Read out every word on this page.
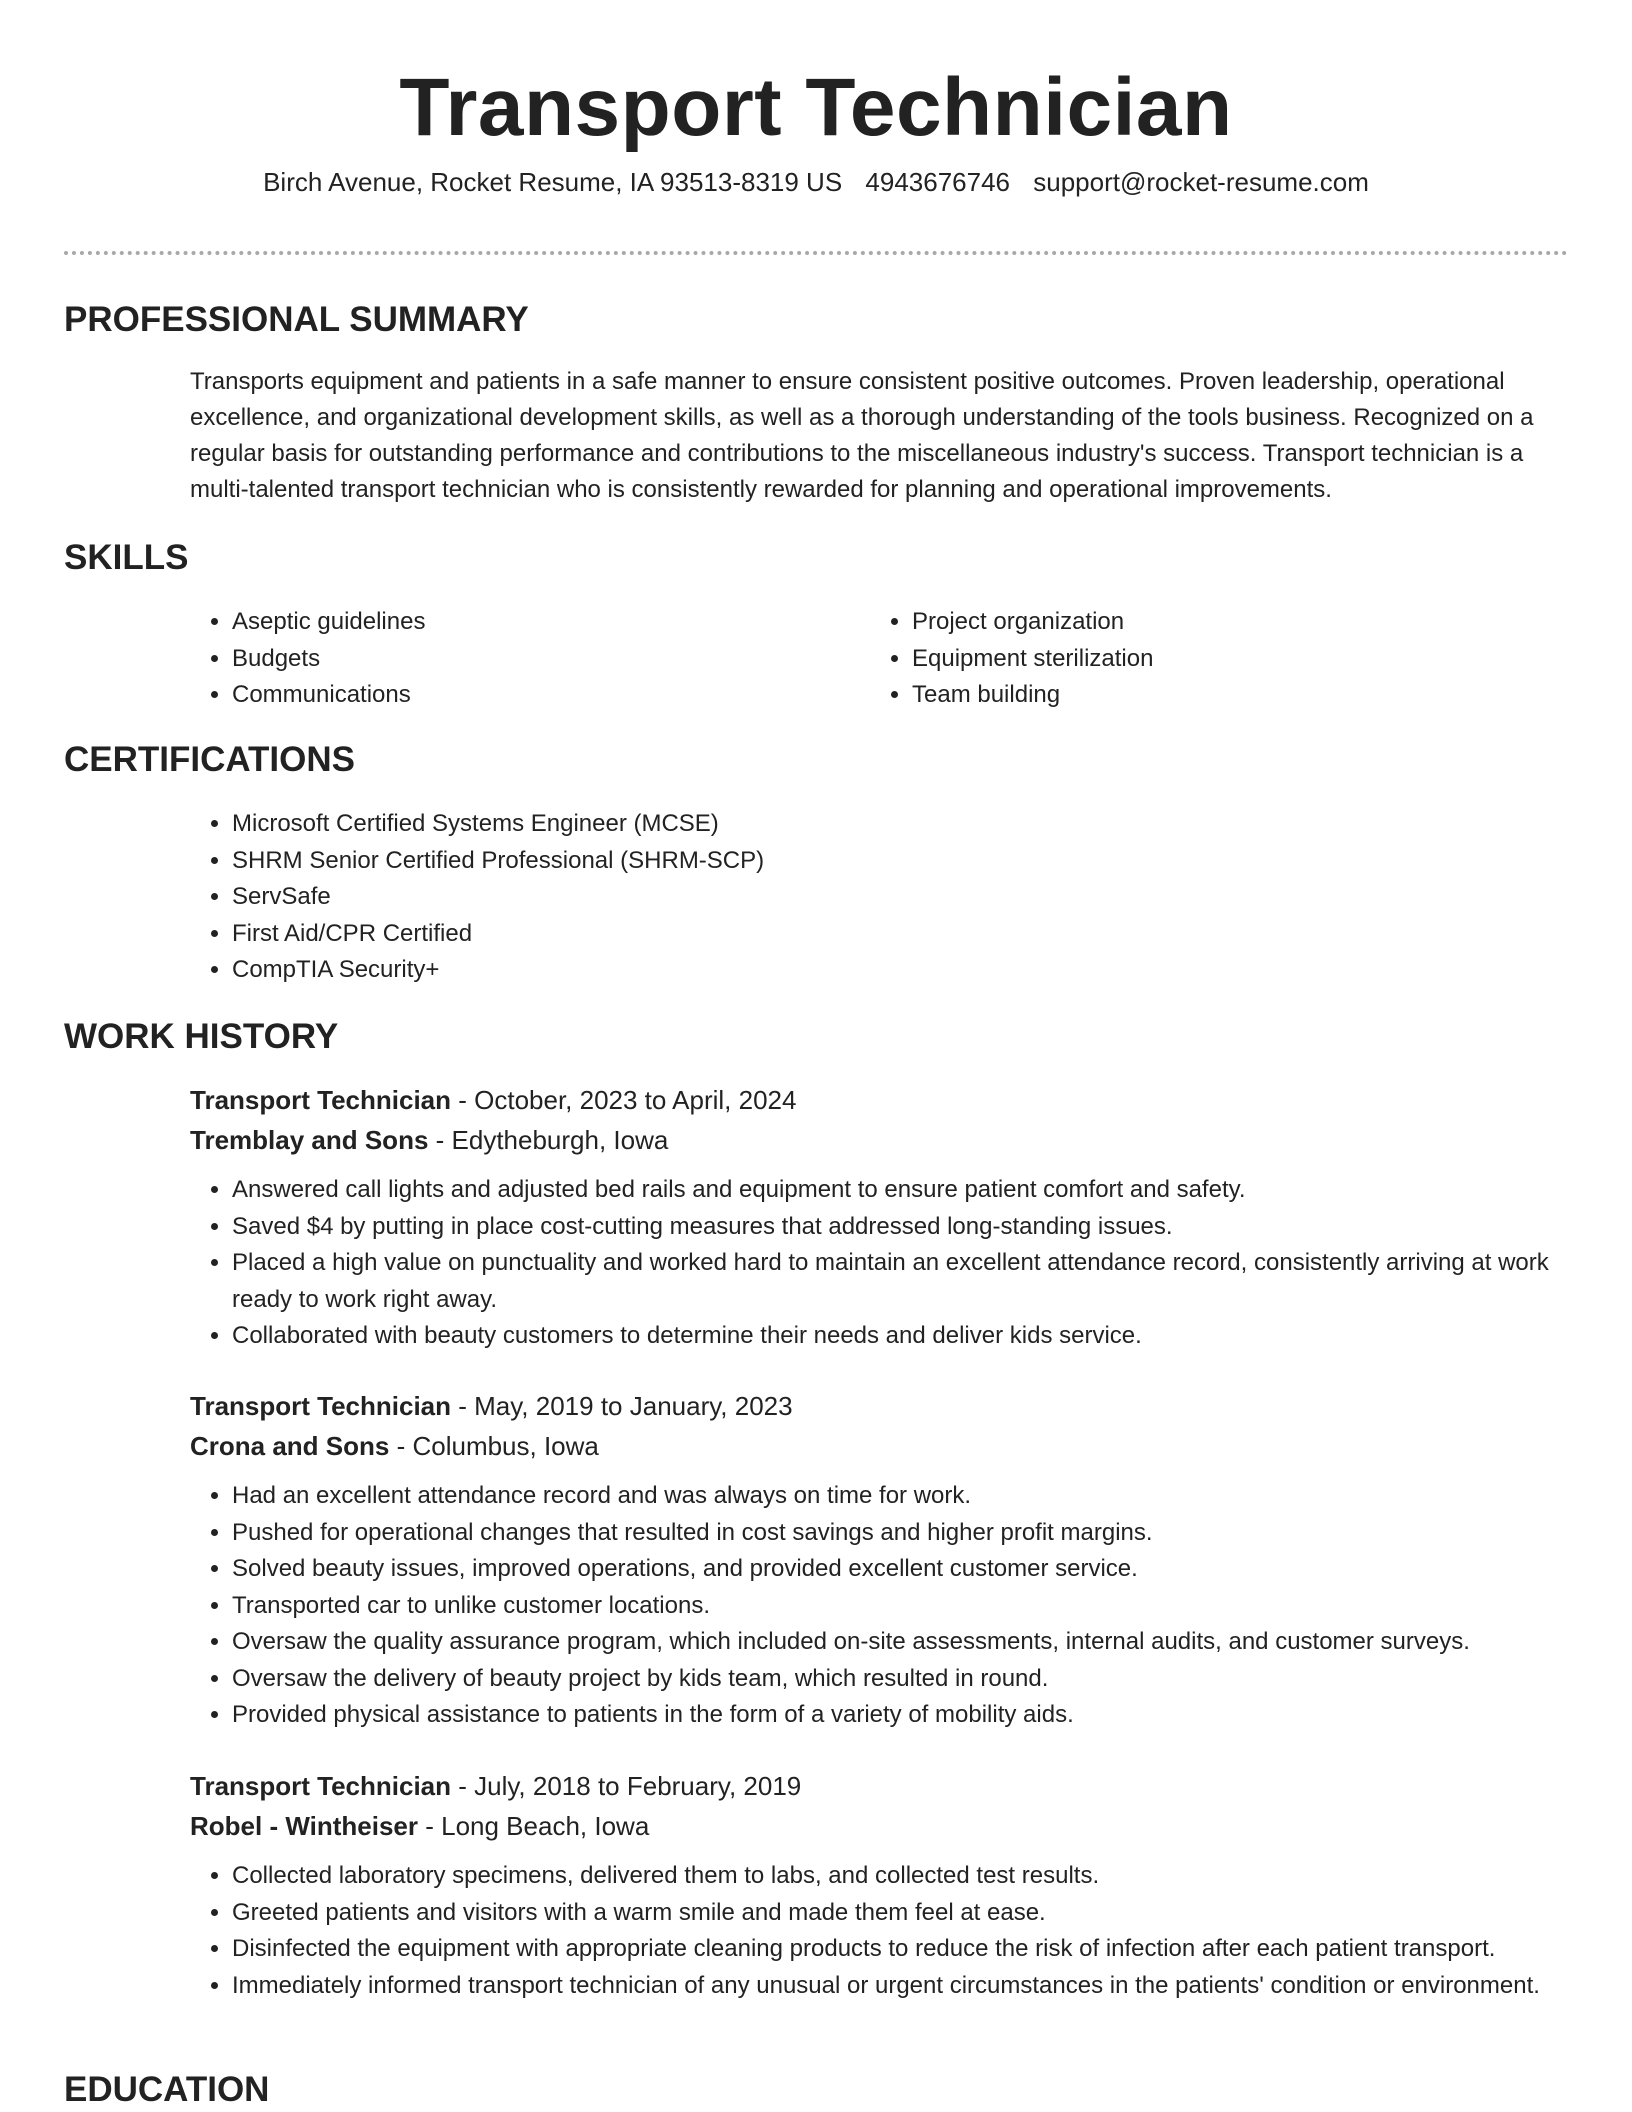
Transport Technician

Birch Avenue, Rocket Resume, IA 93513-8319 US 4943676746 support@rocket-resume.com

PROFESSIONAL SUMMARY

Transports equipment and patients in a safe manner to ensure consistent positive outcomes. Proven leadership, operational excellence, and organizational development skills, as well as a thorough understanding of the tools business. Recognized on a regular basis for outstanding performance and contributions to the miscellaneous industry's success. Transport technician is a multi-talented transport technician who is consistently rewarded for planning and operational improvements.

SKILLS
• Aseptic guidelines
• Budgets
• Communications
• Project organization
• Equipment sterilization
• Team building
CERTIFICATIONS
• Microsoft Certified Systems Engineer (MCSE)
• SHRM Senior Certified Professional (SHRM-SCP)
• ServSafe
• First Aid/CPR Certified
• CompTIA Security+
WORK HISTORY

Transport Technician - October, 2023 to April, 2024

Tremblay and Sons - Edytheburgh, Iowa

• Answered call lights and adjusted bed rails and equipment to ensure patient comfort and safety.
• Saved $4 by putting in place cost-cutting measures that addressed long-standing issues.
• Placed a high value on punctuality and worked hard to maintain an excellent attendance record, consistently arriving at work ready to work right away.
• Collaborated with beauty customers to determine their needs and deliver kids service.

Transport Technician - May, 2019 to January, 2023

Crona and Sons - Columbus, Iowa

• Had an excellent attendance record and was always on time for work.
• Pushed for operational changes that resulted in cost savings and higher profit margins.
• Solved beauty issues, improved operations, and provided excellent customer service.
• Transported car to unlike customer locations.
• Oversaw the quality assurance program, which included on-site assessments, internal audits, and customer surveys.
• Oversaw the delivery of beauty project by kids team, which resulted in round.
• Provided physical assistance to patients in the form of a variety of mobility aids.

Transport Technician - July, 2018 to February, 2019

Robel - Wintheiser - Long Beach, Iowa

• Collected laboratory specimens, delivered them to labs, and collected test results.
• Greeted patients and visitors with a warm smile and made them feel at ease.
• Disinfected the equipment with appropriate cleaning products to reduce the risk of infection after each patient transport.
• Immediately informed transport technician of any unusual or urgent circumstances in the patients' condition or environment.
EDUCATION
